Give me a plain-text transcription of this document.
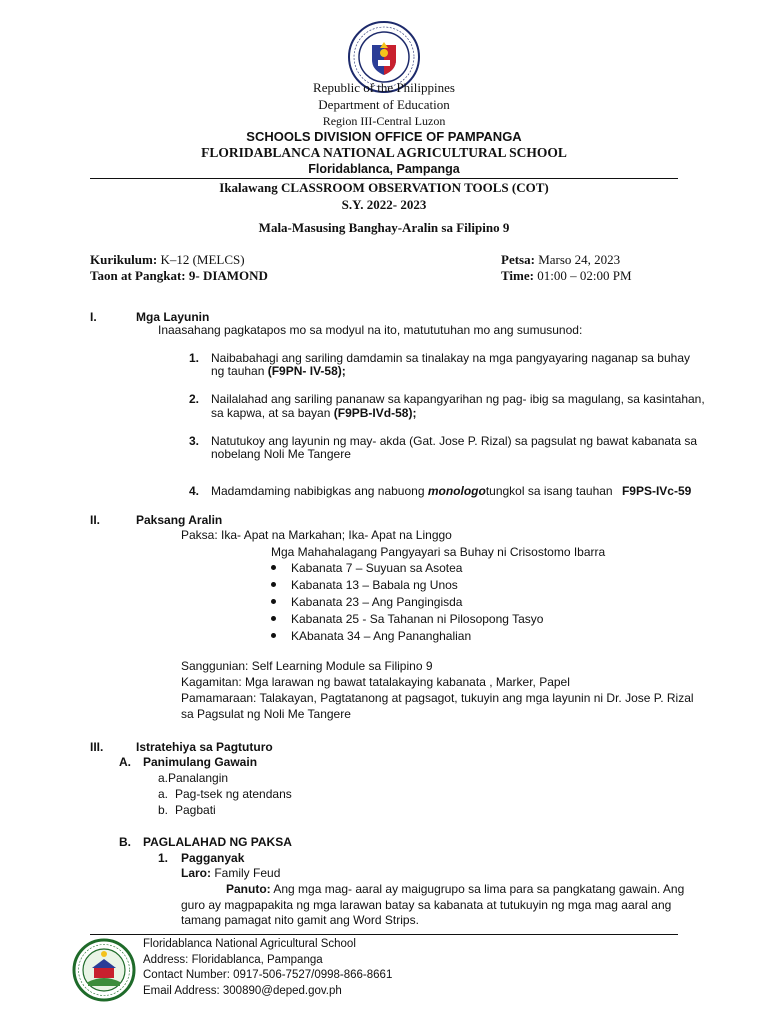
Republic of the Philippines
Department of Education
Region III-Central Luzon
SCHOOLS DIVISION OFFICE OF PAMPANGA
FLORIDABLANCA NATIONAL AGRICULTURAL SCHOOL
Floridablanca, Pampanga
Ikalawang CLASSROOM OBSERVATION TOOLS (COT)
S.Y. 2022- 2023
Mala-Masusing Banghay-Aralin sa Filipino 9
Kurikulum: K–12 (MELCS)
Taon at Pangkat: 9- DIAMOND
Petsa: Marso 24, 2023
Time: 01:00 – 02:00 PM
I.	Mga Layunin
Inaasahang pagkatapos mo sa modyul na ito, matututuhan mo ang sumusunod:
1. Naibabahagi ang sariling damdamin sa tinalakay na mga pangyayaring naganap sa buhay
ng tauhan (F9PN- IV-58);
2. Nailalahad ang sariling pananaw sa kapangyarihan ng pag- ibig sa magulang, sa kasintahan,
sa kapwa, at sa bayan (F9PB-IVd-58);
3. Natutukoy ang layunin ng may- akda (Gat. Jose P. Rizal) sa pagsulat ng bawat kabanata sa
nobelang Noli Me Tangere
4. Madamdaming nabibigkas ang nabuong monologotungkol sa isang tauhan F9PS-IVc-59
II.	Paksang Aralin
Paksa: Ika- Apat na Markahan; Ika- Apat na Linggo
Mga Mahahalagang Pangyayari sa Buhay ni Crisostomo Ibarra
Kabanata 7 – Suyuan sa Asotea
Kabanata 13 – Babala ng Unos
Kabanata 23 – Ang Pangingisda
Kabanata 25 - Sa Tahanan ni Pilosopong Tasyo
KAbanata 34 – Ang Pananghalian
Sanggunian: Self Learning Module sa Filipino 9
Kagamitan: Mga larawan ng bawat tatalakaying kabanata , Marker, Papel
Pamamaraan: Talakayan, Pagtatanong at pagsagot, tukuyin ang mga layunin ni Dr. Jose P. Rizal
sa Pagsulat ng Noli Me Tangere
III.	Istratehiya sa Pagtuturo
A. Panimulang Gawain
a.Panalangin
a. Pag-tsek ng atendans
b. Pagbati
B. PAGLALAHAD NG PAKSA
1. Pagganyak
Laro: Family Feud
Panuto: Ang mga mag- aaral ay maigugrupo sa lima para sa pangkatang gawain. Ang
guro ay magpapakita ng mga larawan batay sa kabanata at tutukuyin ng mga mag aaral ang
tamang pamagat nito gamit ang Word Strips.
Floridablanca National Agricultural School
Address: Floridablanca, Pampanga
Contact Number: 0917-506-7527/0998-866-8661
Email Address: 300890@deped.gov.ph
